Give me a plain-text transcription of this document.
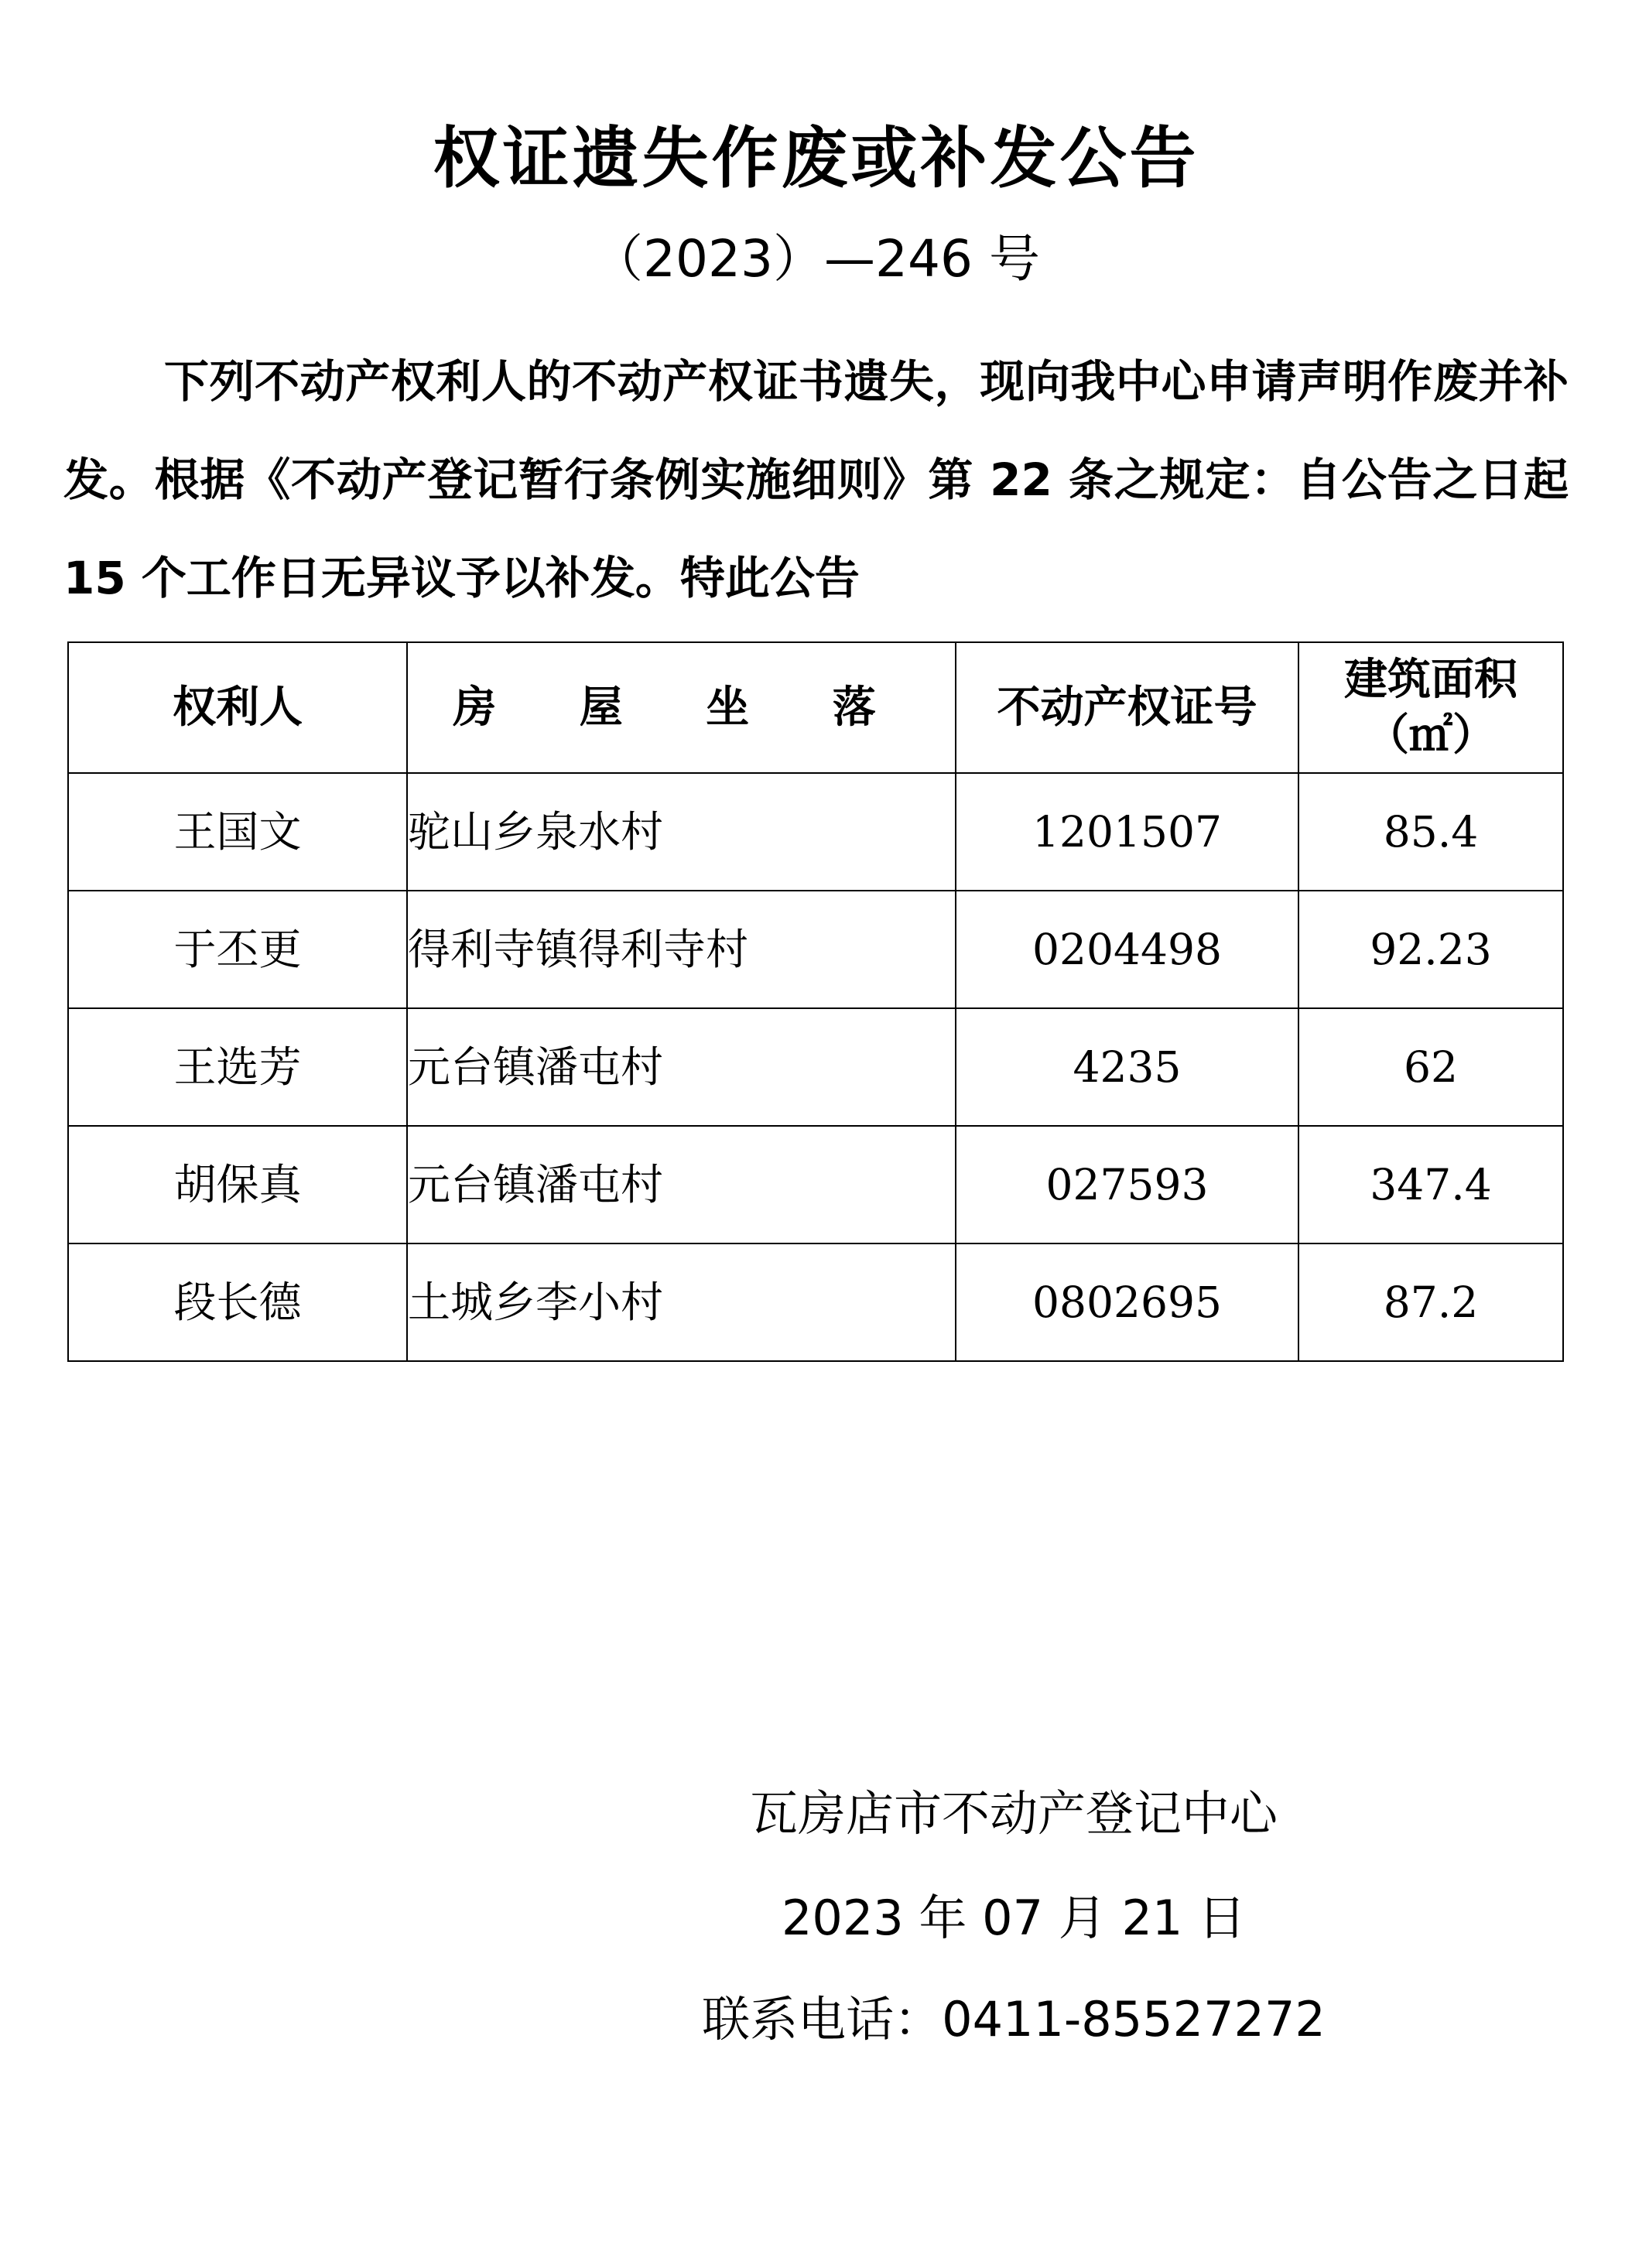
权证遗失作废或补发公告
（2023）—246 号
下列不动产权利人的不动产权证书遗失，现向我中心申请声明作废并补发。根据《不动产登记暂行条例实施细则》第 22 条之规定：自公告之日起 15 个工作日无异议予以补发。特此公告
权利人	房 屋 坐 落	不动产权证号	建筑面积
（㎡）

王国文	驼山乡泉水村	1201507	85.4
于丕更	得利寺镇得利寺村	0204498	92.23
王选芳	元台镇潘屯村	4235	62
胡保真	元台镇潘屯村	027593	347.4
段长德	土城乡李小村	0802695	87.2
瓦房店市不动产登记中心
2023 年 07 月 21 日
联系电话：0411-85527272
